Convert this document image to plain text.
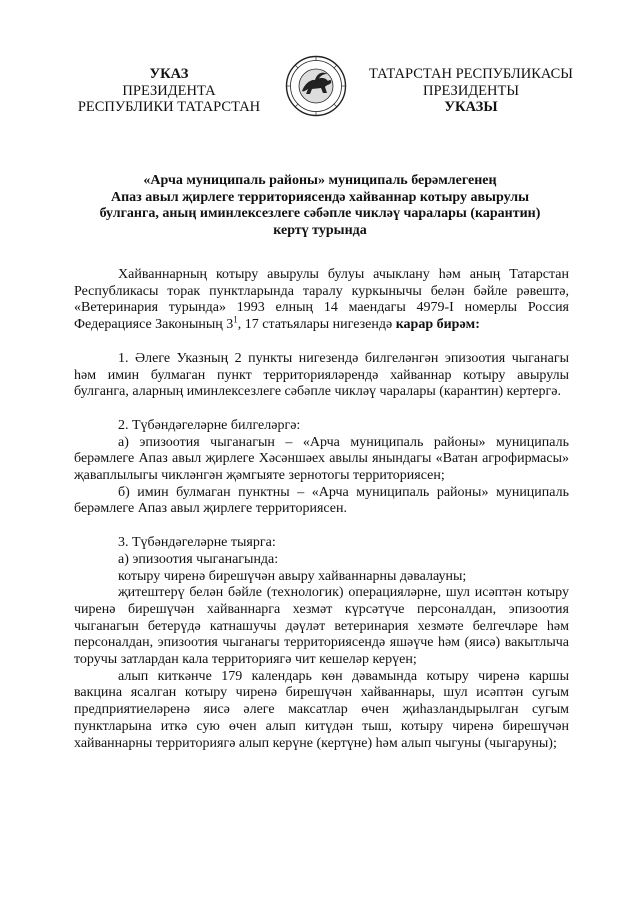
УКАЗ
ПРЕЗИДЕНТА
РЕСПУБЛИКИ ТАТАРСТАН
ТАТАРСТАН РЕСПУБЛИКАСЫ
ПРЕЗИДЕНТЫ
УКАЗЫ
«Арча муниципаль районы» муниципаль берәмлегенең
Апаз авыл җирлеге территориясендә хайваннар котыру авырулы
булганга, аның иминлексезлеге сәбәпле чикләү чаралары (карантин)
кертү турында

Хайваннарның котыру авырулы булуы ачыклану һәм аның Татарстан Республикасы торак пунктларында таралу куркынычы белән бәйле рәвештә, «Ветеринария турында» 1993 елның 14 маендагы 4979-I номерлы Россия Федерациясе Законының $3^1$, 17 статьялары нигезендә карар бирәм:

1. Әлеге Указның 2 пункты нигезендә билгеләнгән эпизоотия чыганагы һәм имин булмаган пункт территорияләрендә хайваннар котыру авырулы булганга, аларның иминлексезлеге сәбәпле чикләү чаралары (карантин) кертергә.

2. Түбәндәгеләрне билгеләргә:

а) эпизоотия чыганагын – «Арча муниципаль районы» муниципаль берәмлеге Апаз авыл җирлеге Хәсәншәех авылы янындагы «Ватан агрофирмасы» җаваплылыгы чикләнгән җәмгыяте зернотогы территориясен;

б) имин булмаган пунктны – «Арча муниципаль районы» муниципаль берәмлеге Апаз авыл җирлеге территориясен.

3. Түбәндәгеләрне тыярга:

а) эпизоотия чыганагында:

котыру чиренә бирешүчән авыру хайваннарны дәвалауны;

җитештерү белән бәйле (технологик) операцияләрне, шул исәптән котыру чиренә бирешүчән хайваннарга хезмәт күрсәтүче персоналдан, эпизоотия чыганагын бетерүдә катнашучы дәүләт ветеринария хезмәте белгечләре һәм персоналдан, эпизоотия чыганагы территориясендә яшәүче һәм (яисә) вакытлыча торучы затлардан кала территориягә чит кешеләр керүен;

алып киткәнче 179 календарь көн дәвамында котыру чиренә каршы вакцина ясалган котыру чиренә бирешүчән хайваннары, шул исәптән сугым предприятиеләренә яисә әлеге максатлар өчен җиһазландырылган сугым пунктларына иткә сую өчен алып китүдән тыш, котыру чиренә бирешүчән хайваннарны территориягә алып керүне (кертүне) һәм алып чыгуны (чыгаруны);
